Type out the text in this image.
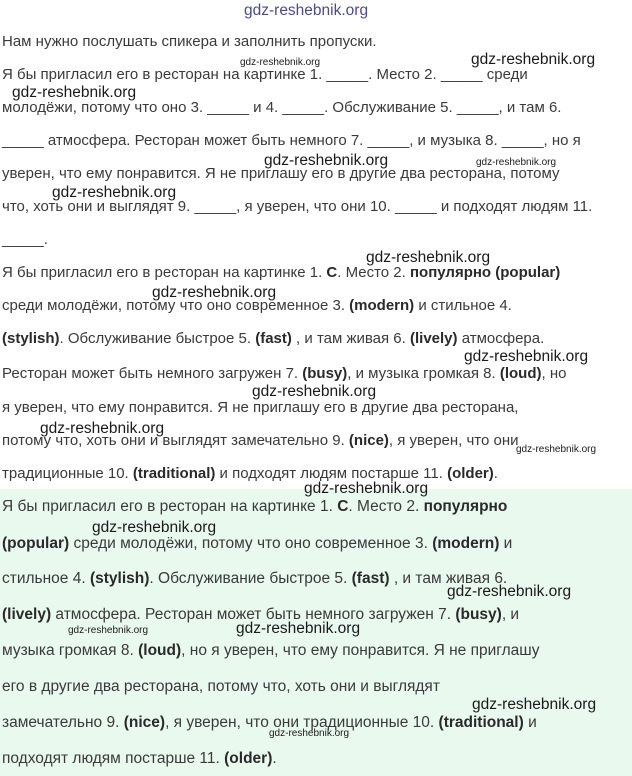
gdz-reshebnik.org
gdz-reshebnik.org	gdz-reshebnik.org
gdz-reshebnik.org
gdz-reshebnik.org	gdz-reshebnik.org
gdz-reshebnik.org
gdz-reshebnik.org
gdz-reshebnik.org
gdz-reshebnik.org
gdz-reshebnik.org
gdz-reshebnik.org
gdz-reshebnik.org
gdz-reshebnik.org
gdz-reshebnik.org
gdz-reshebnik.org
gdz-reshebnik.org	gdz-reshebnik.org
gdz-reshebnik.org
gdz-reshebnik.org
Нам нужно послушать спикера и заполнить пропуски.
Я бы пригласил его в ресторан на картинке 1. _____. Место 2. _____ среди
молодёжи, потому что оно 3. _____ и 4. _____. Обслуживание 5. _____, и там 6.
_____ атмосфера. Ресторан может быть немного 7. _____, и музыка 8. _____, но я
уверен, что ему понравится. Я не приглашу его в другие два ресторана, потому
что, хоть они и выглядят 9. _____, я уверен, что они 10. _____ и подходят людям 11.
_____.
Я бы пригласил его в ресторан на картинке 1. C. Место 2. популярно (popular)
среди молодёжи, потому что оно современное 3. (modern) и стильное 4.
(stylish). Обслуживание быстрое 5. (fast) , и там живая 6. (lively) атмосфера.
Ресторан может быть немного загружен 7. (busy), и музыка громкая 8. (loud), но
я уверен, что ему понравится. Я не приглашу его в другие два ресторана,
потому что, хоть они и выглядят замечательно 9. (nice), я уверен, что они
традиционные 10. (traditional) и подходят людям постарше 11. (older).
Я бы пригласил его в ресторан на картинке 1. C. Место 2. популярно
(popular) среди молодёжи, потому что оно современное 3. (modern) и
стильное 4. (stylish). Обслуживание быстрое 5. (fast) , и там живая 6.
(lively) атмосфера. Ресторан может быть немного загружен 7. (busy), и
музыка громкая 8. (loud), но я уверен, что ему понравится. Я не приглашу
его в другие два ресторана, потому что, хоть они и выглядят
замечательно 9. (nice), я уверен, что они традиционные 10. (traditional) и
подходят людям постарше 11. (older).
